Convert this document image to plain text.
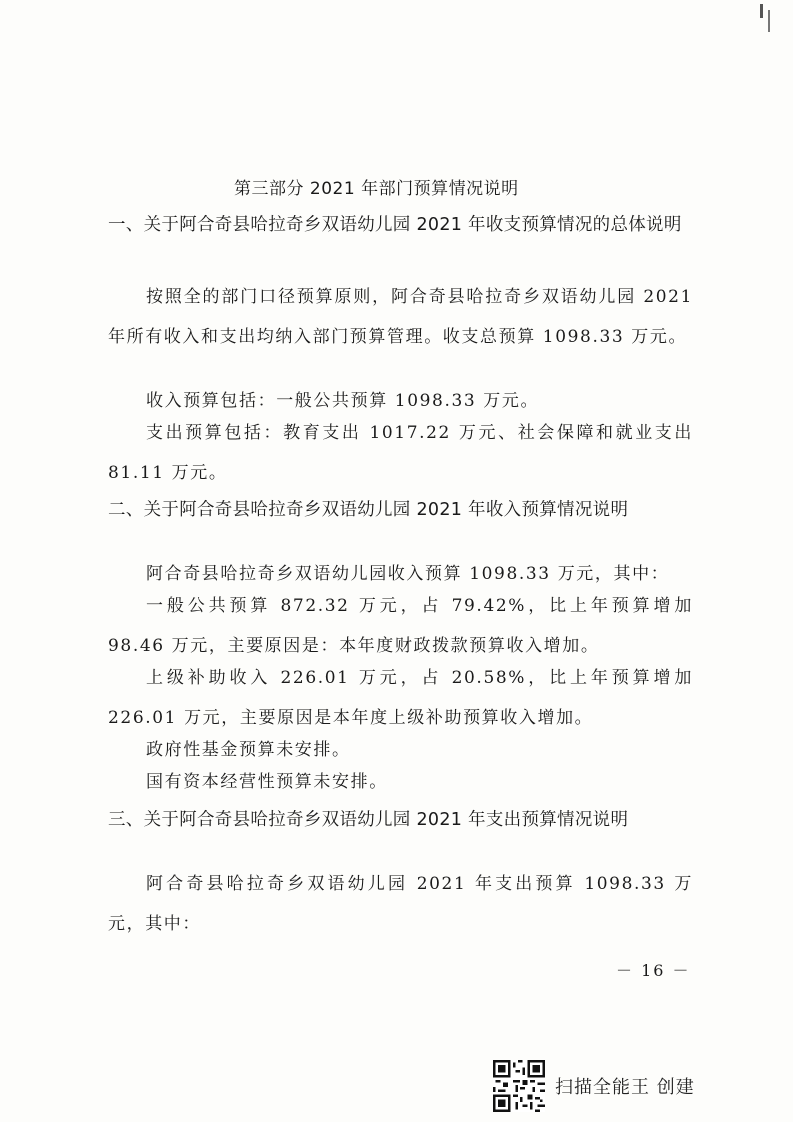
第三部分 2021 年部门预算情况说明
一、关于阿合奇县哈拉奇乡双语幼儿园 2021 年收支预算情况的总体说明
按照全的部门口径预算原则，阿合奇县哈拉奇乡双语幼儿园 2021 年所有收入和支出均纳入部门预算管理。收支总预算 1098.33 万元。
收入预算包括：一般公共预算 1098.33 万元。
支出预算包括：教育支出 1017.22 万元、社会保障和就业支出 81.11 万元。
二、关于阿合奇县哈拉奇乡双语幼儿园 2021 年收入预算情况说明
阿合奇县哈拉奇乡双语幼儿园收入预算 1098.33 万元，其中：
一般公共预算 872.32 万元，占 79.42%，比上年预算增加 98.46 万元，主要原因是：本年度财政拨款预算收入增加。
上级补助收入 226.01 万元，占 20.58%，比上年预算增加 226.01 万元，主要原因是本年度上级补助预算收入增加。
政府性基金预算未安排。
国有资本经营性预算未安排。
三、关于阿合奇县哈拉奇乡双语幼儿园 2021 年支出预算情况说明
阿合奇县哈拉奇乡双语幼儿园 2021 年支出预算 1098.33 万元，其中：
－ 16 －
扫描全能王 创建
